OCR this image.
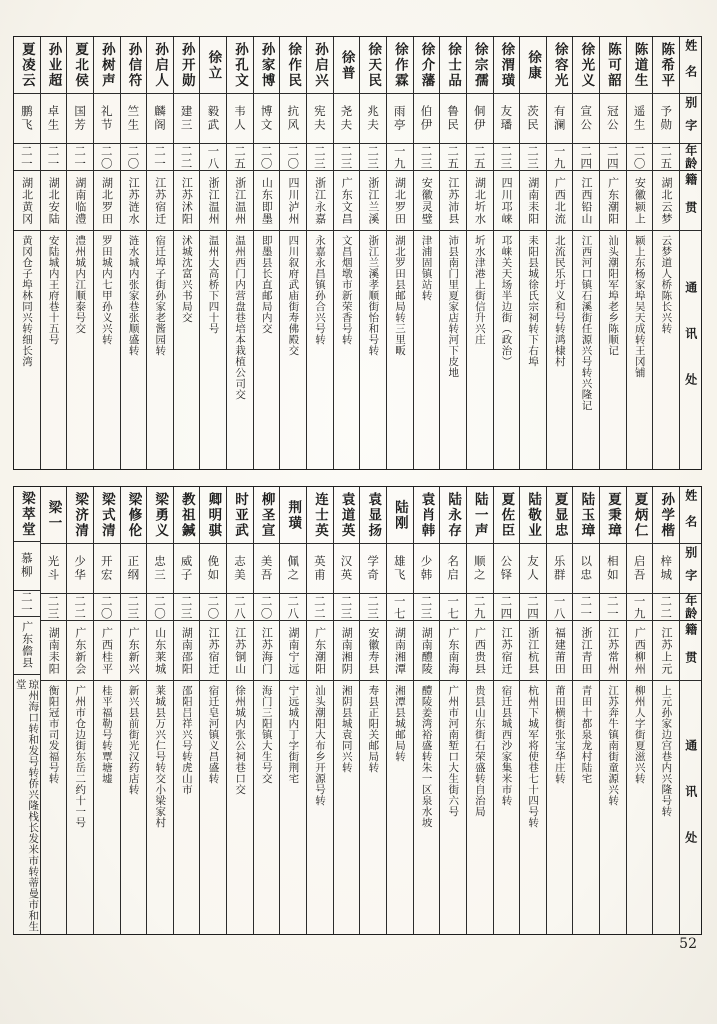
姓名
别字
年龄
籍贯
通讯处
陈希平
予勋
二五
湖北云梦
云梦道人桥陈长兴转
陈道生
遥生
二〇
安徽颍上
颍上东杨家埠吴天成转王冈铺
陈可韶
冠公
二四
广东潮阳
汕头潮阳军埠老乡陈顺记
徐光义
宣公
二四
江西铅山
江西河口镇石溪街任源兴号转兴隆记
徐容光
有澜
一九
广西北流
北流民乐圩义和号转鸿棣村
徐康
茨民
二三
湖南耒阳
耒阳县城徐氏宗祠转下右埠
徐渭璜
友璠
二三
四川邛崃
邛崃关天场半边街（政治）
徐宗孺
侗伊
二五
湖北圻水
圻水津港上街信升兴庄
徐士品
鲁民
二五
江苏沛县
沛县南门里夏家店转河下皮地
徐介藩
伯伊
二三
安徽灵璧
津浦固镇站转
徐作霖
雨亭
一九
湖北罗田
湖北罗田县邮局转三里畈
徐天民
兆夫
二三
浙江兰溪
浙江兰溪孝顺街怡和号转
徐普
尧夫
二三
广东文昌
文昌烟墩市新荣香号转
孙启兴
宪夫
二三
浙江永嘉
永嘉永昌镇孙合兴号转
徐作民
抗风
二〇
四川泸州
四川叙府武庙街寿佛殿交
孙家博
博文
二〇
山东即墨
即墨县长直邮局内交
孙孔文
韦人
二五
浙江温州
温州西门内营盘巷培本栽植公司交
徐立
毅武
一八
浙江温州
温州大高桥下四十号
孙开勋
建三
二二
江苏沭阳
沭城沈富兴书局交
孙启人
麟阁
二一
江苏宿迁
宿迁埠子街孙家老酱园转
孙信符
竺生
二〇
江苏涟水
涟水城内张家巷张顺盛转
孙树声
礼节
二〇
湖北罗田
罗田城内七甲孙义兴转
夏北侯
国芳
二一
湖南临澧
澧州城内江顺泰号交
孙业超
卓生
二一
湖北安陆
安陆城内王府巷十五号
夏凌云
鹏飞
二一
湖北黄冈
黄冈仓子埠林同兴转细长湾
姓名
别字
年龄
籍贯
通讯处
孙学楷
梓城
二二
江苏上元
上元孙家边宫巷内兴隆号转
夏炳仁
启吾
一九
广西柳州
柳州人字街夏滋兴转
夏秉璋
相如
二一
江苏常州
江苏奔牛镇南街童源兴转
陆玉璋
以忠
二一
浙江青田
青田十都泉龙村陆宅
夏显忠
乐群
一八
福建莆田
莆田横街张宝华庄转
陆敬业
友人
二四
浙江杭县
杭州下城军将使巷七十四号转
夏佐臣
公铎
二四
江苏宿迁
宿迁县城西沙家集米市转
陆一声
顺之
二九
广西贵县
贵县山东街石荣盛转自治局
陆永存
名启
一七
广东南海
广州市河南堑口大生街六号
袁肖韩
少韩
二三
湖南醴陵
醴陵姜湾裕盛转朱一区泉水坡
陆刚
雄飞
一七
湖南湘潭
湘潭县城邮局转
袁显扬
学奇
二三
安徽寿县
寿县正阳关邮局转
袁道英
汉英
二三
湖南湘阴
湘阴县城袁同兴转
连士英
英甫
二二
广东潮阳
汕头潮阳大布乡开源号转
荆璜
佩之
二八
湖南宁远
宁远城内丁字街荆宅
柳圣宣
美吾
二〇
江苏海门
海门三阳镇大生号交
时亚武
志美
二八
江苏铜山
徐州城内张公祠巷口交
卿明骐
俛如
二〇
江苏宿迁
宿迁皂河镇义昌盛转
教祖鍼
威子
二三
湖南邵阳
邵阳吕祥兴号转虎山市
梁勇义
忠三
二〇
山东莱城
莱城县万兴仁号转交小梁家村
梁修伦
正纲
二三
广东新兴
新兴县前街光汉药店转
梁式清
开宏
二〇
广西桂平
桂平福勒号转覃塘墟
梁济清
少华
二二
广东新会
广州市仓边街东岳二约十一号
梁一
光斗
二三
湖南耒阳
衡阳冠市司发福号转
梁萃堂
慕柳
二一
广东儋县
琼州海口转和发号转侨兴隆栈长发米市转蒂曼市和生堂
52
